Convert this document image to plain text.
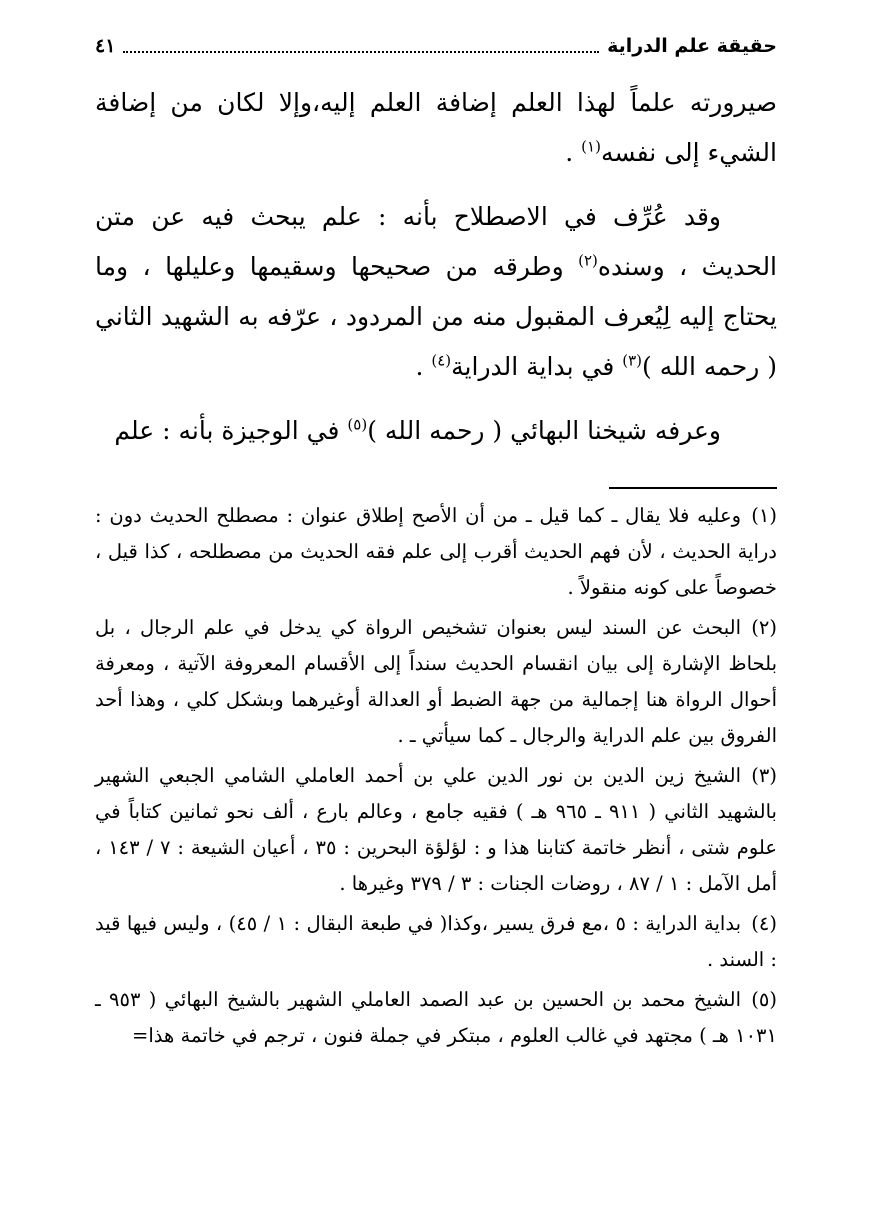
حقيقة علم الدراية
٤١

صيرورته علماً لهذا العلم إضافة العلم إليه،وإلا لكان من إضافة الشيء إلى نفسه$^{(١)}$ .

وقد عُرِّف في الاصطلاح بأنه : علم يبحث فيه عن متن الحديث ، وسنده$^{(٢)}$ وطرقه من صحيحها وسقيمها وعليلها ، وما يحتاج إليه لِيُعرف المقبول منه من المردود ، عرّفه به الشهيد الثاني ( رحمه الله )$^{(٣)}$ في بداية الدراية$^{(٤)}$ .

وعرفه شيخنا البهائي ( رحمه الله )$^{(٥)}$ في الوجيزة بأنه : علم

(١)وعليه فلا يقال ـ كما قيل ـ من أن الأصح إطلاق عنوان : مصطلح الحديث دون : دراية الحديث ، لأن فهم الحديث أقرب إلى علم فقه الحديث من مصطلحه ، كذا قيل ، خصوصاً على كونه منقولاً .

(٢)البحث عن السند ليس بعنوان تشخيص الرواة كي يدخل في علم الرجال ، بل بلحاظ الإشارة إلى بيان انقسام الحديث سنداً إلى الأقسام المعروفة الآتية ، ومعرفة أحوال الرواة هنا إجمالية من جهة الضبط أو العدالة أوغيرهما وبشكل كلي ، وهذا أحد الفروق بين علم الدراية والرجال ـ كما سيأتي ـ .

(٣)الشيخ زين الدين بن نور الدين علي بن أحمد العاملي الشامي الجبعي الشهير بالشهيد الثاني ( ٩١١ ـ ٩٦٥ هـ ) فقيه جامع ، وعالم بارع ، ألف نحو ثمانين كتاباً في علوم شتى ، أنظر خاتمة كتابنا هذا و : لؤلؤة البحرين : ٣٥ ، أعيان الشيعة : ٧ / ١٤٣ ، أمل الآمل : ١ / ٨٧ ، روضات الجنات : ٣ / ٣٧٩ وغيرها .

(٤)بداية الدراية : ٥ ،مع فرق يسير ،وكذا( في طبعة البقال : ١ / ٤٥) ، وليس فيها قيد : السند .

(٥)الشيخ محمد بن الحسين بن عبد الصمد العاملي الشهير بالشيخ البهائي ( ٩٥٣ ـ ١٠٣١ هـ ) مجتهد في غالب العلوم ، مبتكر في جملة فنون ، ترجم في خاتمة هذا=
